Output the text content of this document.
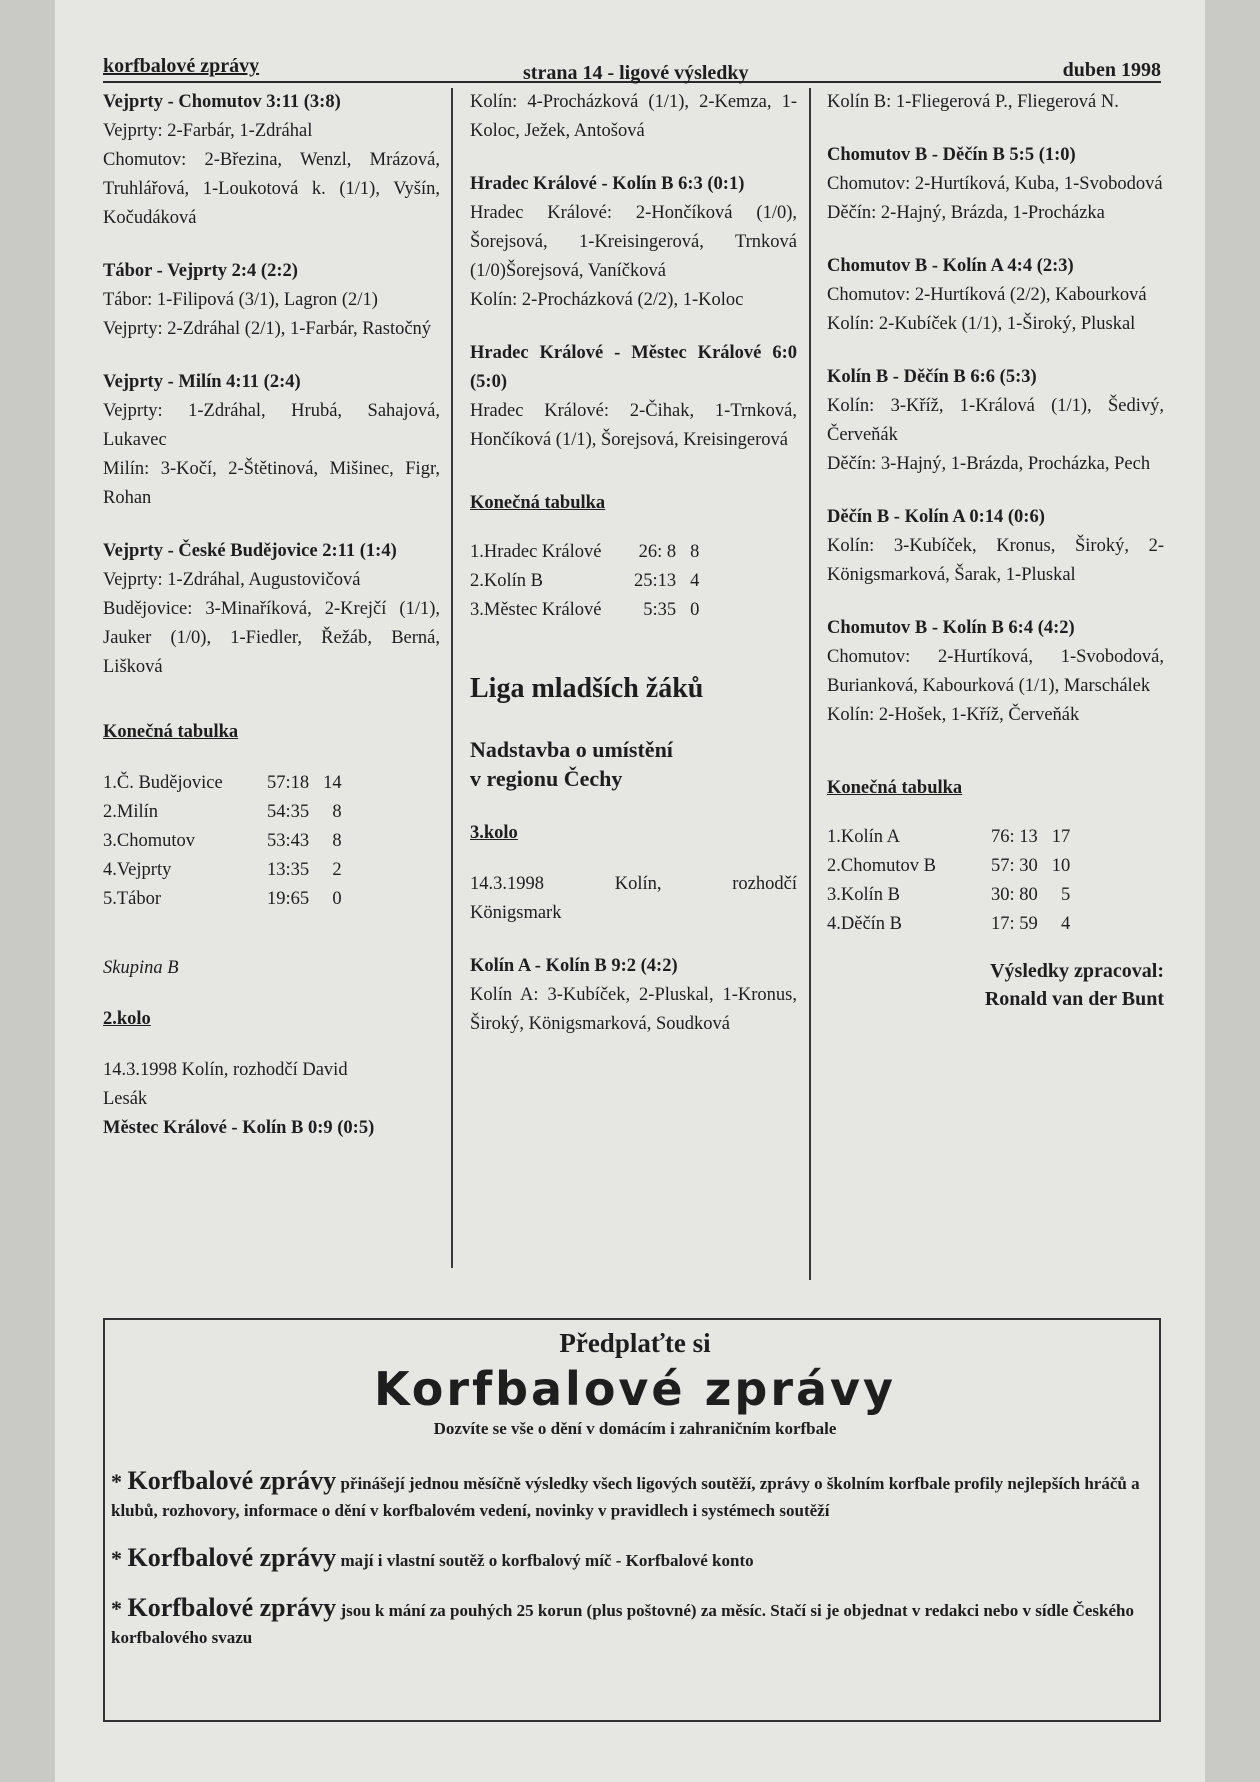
korfbalové zprávy	strana 14 - ligové výsledky	duben 1998
Vejprty - Chomutov 3:11 (3:8)
Vejprty: 2-Farbár, 1-Zdráhal
Chomutov: 2-Březina, Wenzl, Mrázová, Truhlářová, 1-Loukotová k. (1/1), Vyšín, Kočudáková
Tábor - Vejprty 2:4 (2:2)
Tábor: 1-Filipová (3/1), Lagron (2/1)
Vejprty: 2-Zdráhal (2/1), 1-Farbár, Rastočný
Vejprty - Milín 4:11 (2:4)
Vejprty: 1-Zdráhal, Hrubá, Sahajová, Lukavec
Milín: 3-Kočí, 2-Štětinová, Mišinec, Figr, Rohan
Vejprty - České Budějovice 2:11 (1:4)
Vejprty: 1-Zdráhal, Augustovičová
Budějovice: 3-Minaříková, 2-Krejčí (1/1), Jauker (1/0), 1-Fiedler, Řežáb, Berná, Lišková
Konečná tabulka
1.Č. Budějovice	57:18	14
2.Milín	54:35	8
3.Chomutov	53:43	8
4.Vejprty	13:35	2
5.Tábor	19:65	0
Skupina B
2.kolo
14.3.1998 Kolín, rozhodčí David
Lesák
Městec Králové - Kolín B 0:9 (0:5)
Kolín: 4-Procházková (1/1), 2-Kemza, 1-Koloc, Ježek, Antošová
Hradec Králové - Kolín B 6:3 (0:1)
Hradec Králové: 2-Hončíková (1/0), Šorejsová, 1-Kreisingerová, Trnková (1/0)Šorejsová, Vaníčková
Kolín: 2-Procházková (2/2), 1-Koloc
Hradec Králové - Městec Králové 6:0 (5:0)
Hradec Králové: 2-Čihak, 1-Trnková, Hončíková (1/1), Šorejsová, Kreisingerová
Konečná tabulka
1.Hradec Králové	26: 8	8
2.Kolín B	25:13	4
3.Městec Králové	5:35	0
Liga mladších žáků
Nadstavba o umístění
v regionu Čechy
3.kolo
14.3.1998	Kolín,	rozhodčí
Königsmark
Kolín A - Kolín B 9:2 (4:2)
Kolín A: 3-Kubíček, 2-Pluskal, 1-Kronus, Široký, Königsmarková, Soudková
Kolín B: 1-Fliegerová P., Fliegerová N.
Chomutov B - Děčín B 5:5 (1:0)
Chomutov: 2-Hurtíková, Kuba, 1-Svobodová
Děčín: 2-Hajný, Brázda, 1-Procházka
Chomutov B - Kolín A 4:4 (2:3)
Chomutov: 2-Hurtíková (2/2), Kabourková
Kolín: 2-Kubíček (1/1), 1-Široký, Pluskal
Kolín B - Děčín B 6:6 (5:3)
Kolín: 3-Kříž, 1-Králová (1/1), Šedivý, Červeňák
Děčín: 3-Hajný, 1-Brázda, Procházka, Pech
Děčín B - Kolín A 0:14 (0:6)
Kolín: 3-Kubíček, Kronus, Široký, 2-Königsmarková, Šarak, 1-Pluskal
Chomutov B - Kolín B 6:4 (4:2)
Chomutov: 2-Hurtíková, 1-Svobodová, Burianková, Kabourková (1/1), Marschálek
Kolín: 2-Hošek, 1-Kříž, Červeňák
Konečná tabulka
1.Kolín A	76: 13	17
2.Chomutov B	57: 30	10
3.Kolín B	30: 80	5
4.Děčín B	17: 59	4
Výsledky zpracoval:
Ronald van der Bunt
Předplaťte si
Korfbalové zprávy
Dozvíte se vše o dění v domácím i zahraničním korfbale
* Korfbalové zprávy přinášejí jednou měsíčně výsledky všech ligových soutěží, zprávy o školním korfbale profily nejlepších hráčů a klubů, rozhovory, informace o dění v korfbalovém vedení, novinky v pravidlech i systémech soutěží
* Korfbalové zprávy mají i vlastní soutěž o korfbalový míč - Korfbalové konto
* Korfbalové zprávy jsou k mání za pouhých 25 korun (plus poštovné) za měsíc. Stačí si je objednat v redakci nebo v sídle Českého korfbalového svazu
